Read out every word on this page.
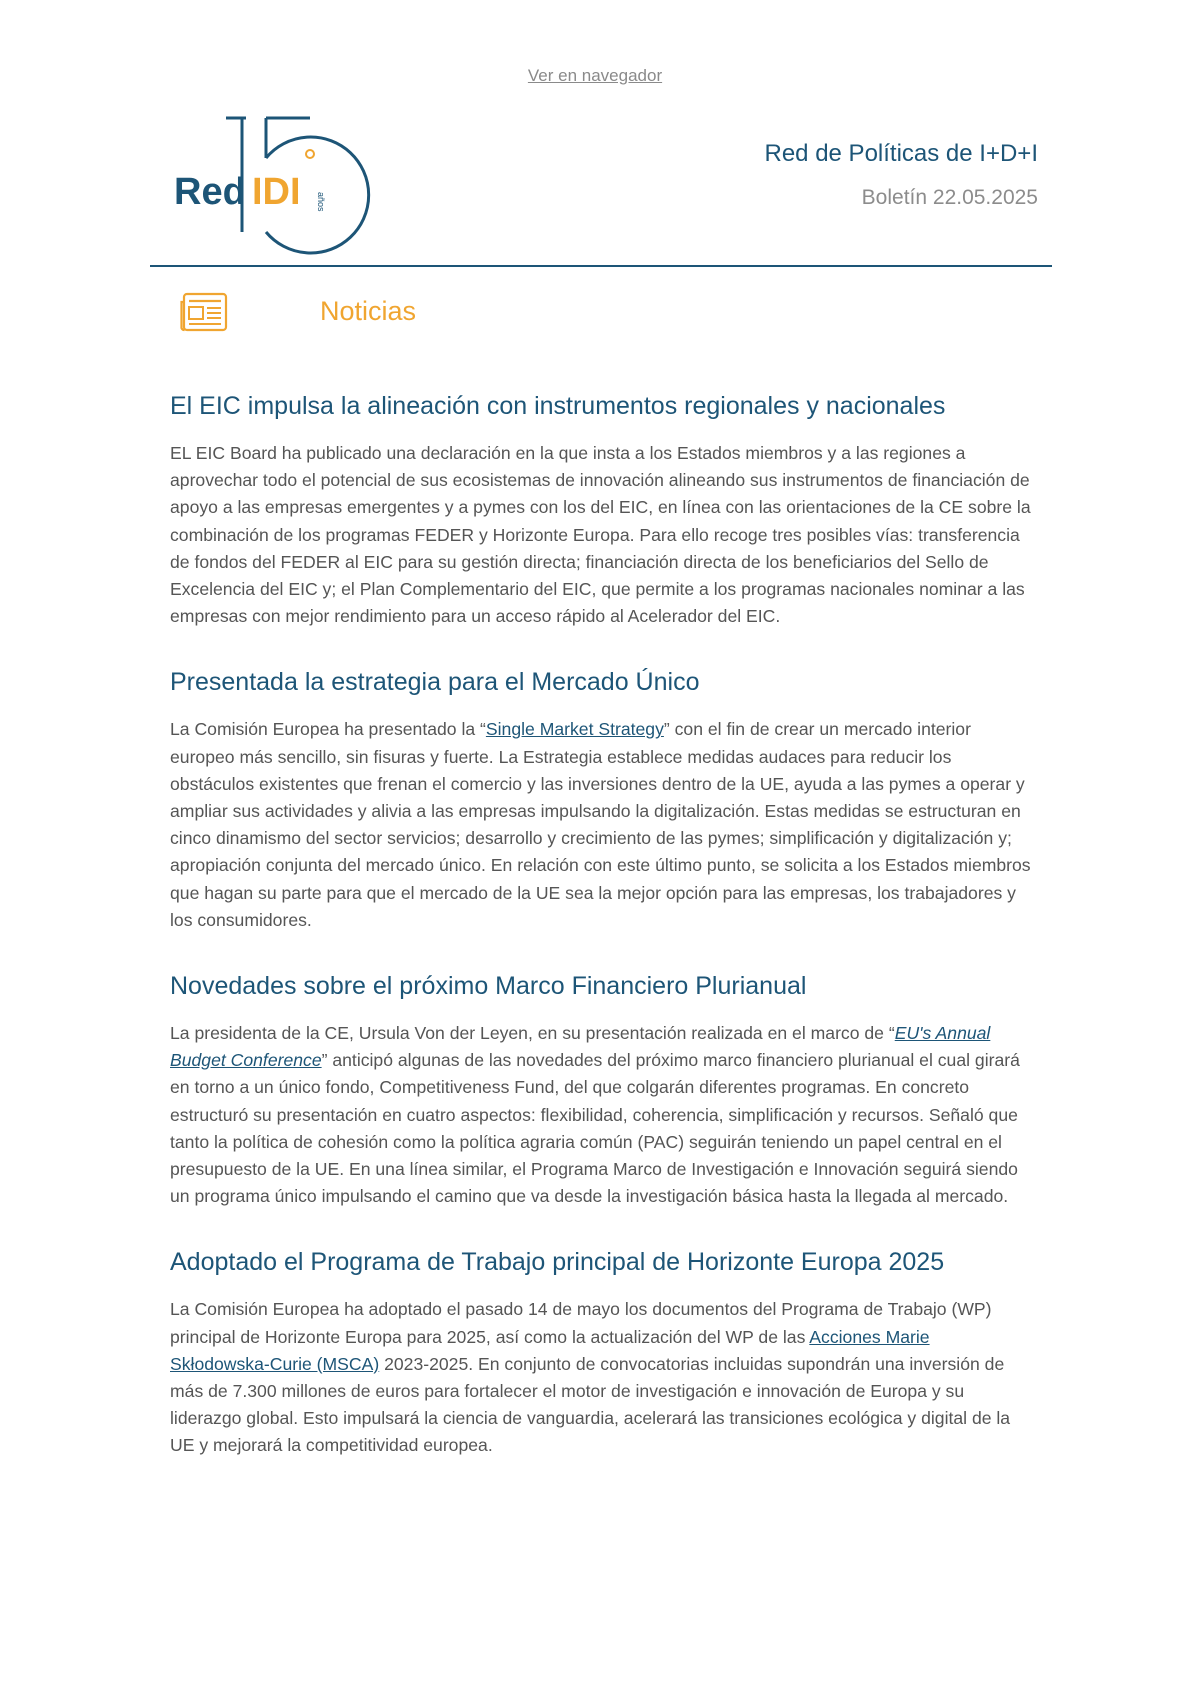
Ver en navegador
Red IDI años
Red de Políticas de I+D+I
Boletín 22.05.2025
Noticias
El EIC impulsa la alineación con instrumentos regionales y nacionales

EL EIC Board ha publicado una declaración en la que insta a los Estados miembros y a las regiones a aprovechar todo el potencial de sus ecosistemas de innovación alineando sus instrumentos de financiación de apoyo a las empresas emergentes y a pymes con los del EIC, en línea con las orientaciones de la CE sobre la combinación de los programas FEDER y Horizonte Europa. Para ello recoge tres posibles vías: transferencia de fondos del FEDER al EIC para su gestión directa; financiación directa de los beneficiarios del Sello de Excelencia del EIC y; el Plan Complementario del EIC, que permite a los programas nacionales nominar a las empresas con mejor rendimiento para un acceso rápido al Acelerador del EIC.

Presentada la estrategia para el Mercado Único

La Comisión Europea ha presentado la “Single Market Strategy” con el fin de crear un mercado interior europeo más sencillo, sin fisuras y fuerte. La Estrategia establece medidas audaces para reducir los obstáculos existentes que frenan el comercio y las inversiones dentro de la UE, ayuda a las pymes a operar y ampliar sus actividades y alivia a las empresas impulsando la digitalización. Estas medidas se estructuran en cinco dinamismo del sector servicios; desarrollo y crecimiento de las pymes; simplificación y digitalización y; apropiación conjunta del mercado único. En relación con este último punto, se solicita a los Estados miembros que hagan su parte para que el mercado de la UE sea la mejor opción para las empresas, los trabajadores y los consumidores.

Novedades sobre el próximo Marco Financiero Plurianual

La presidenta de la CE, Ursula Von der Leyen, en su presentación realizada en el marco de “EU's Annual Budget Conference” anticipó algunas de las novedades del próximo marco financiero plurianual el cual girará en torno a un único fondo, Competitiveness Fund, del que colgarán diferentes programas. En concreto estructuró su presentación en cuatro aspectos: flexibilidad, coherencia, simplificación y recursos. Señaló que tanto la política de cohesión como la política agraria común (PAC) seguirán teniendo un papel central en el presupuesto de la UE. En una línea similar, el Programa Marco de Investigación e Innovación seguirá siendo un programa único impulsando el camino que va desde la investigación básica hasta la llegada al mercado.

Adoptado el Programa de Trabajo principal de Horizonte Europa 2025

La Comisión Europea ha adoptado el pasado 14 de mayo los documentos del Programa de Trabajo (WP) principal de Horizonte Europa para 2025, así como la actualización del WP de las Acciones Marie Skłodowska-Curie (MSCA) 2023-2025. En conjunto de convocatorias incluidas supondrán una inversión de más de 7.300 millones de euros para fortalecer el motor de investigación e innovación de Europa y su liderazgo global. Esto impulsará la ciencia de vanguardia, acelerará las transiciones ecológica y digital de la UE y mejorará la competitividad europea.
